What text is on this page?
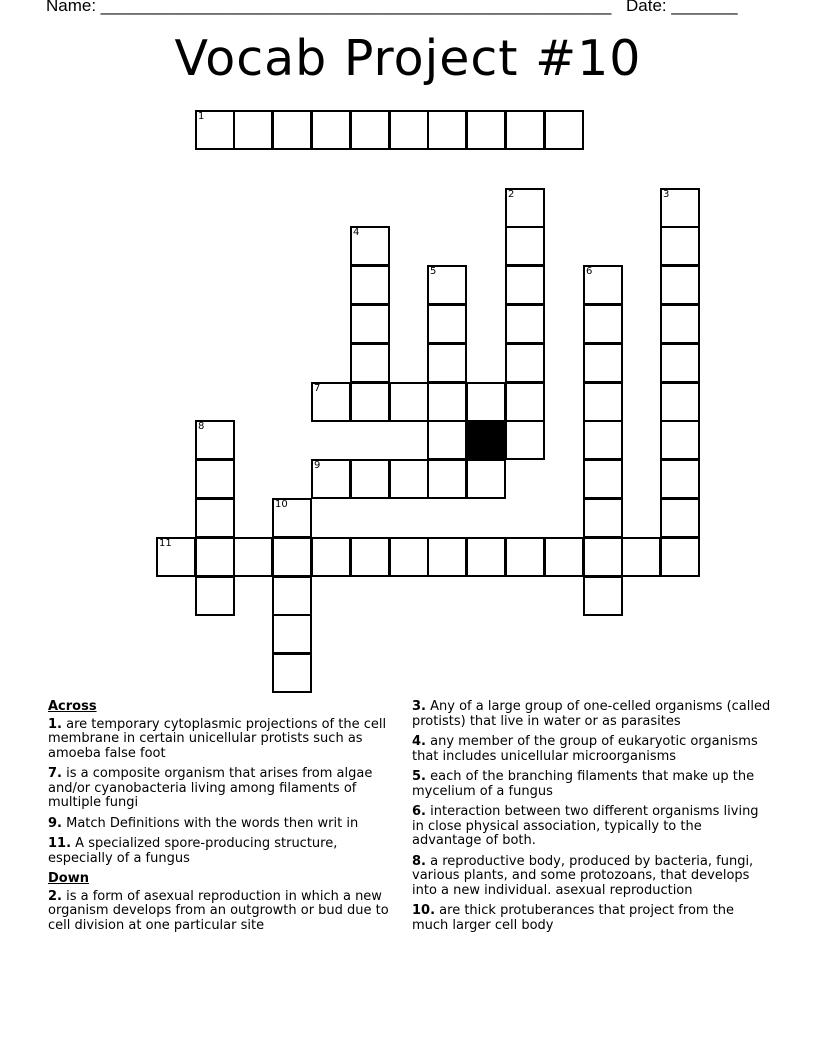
Name: ______________________________________________________ Date: _______
Vocab Project #10
1
2	3
4
5	6
7
8
9
10
11
Across
1. are temporary cytoplasmic projections of the cell membrane in certain unicellular protists such as amoeba false foot
7. is a composite organism that arises from algae and/or cyanobacteria living among filaments of multiple fungi
9. Match Definitions with the words then writ in
11. A specialized spore-producing structure, especially of a fungus
Down
2. is a form of asexual reproduction in which a new organism develops from an outgrowth or bud due to cell division at one particular site
3. Any of a large group of one-celled organisms (called protists) that live in water or as parasites
4. any member of the group of eukaryotic organisms that includes unicellular microorganisms
5. each of the branching filaments that make up the mycelium of a fungus
6. interaction between two different organisms living in close physical association, typically to the advantage of both.
8. a reproductive body, produced by bacteria, fungi, various plants, and some protozoans, that develops into a new individual. asexual reproduction
10. are thick protuberances that project from the much larger cell body
